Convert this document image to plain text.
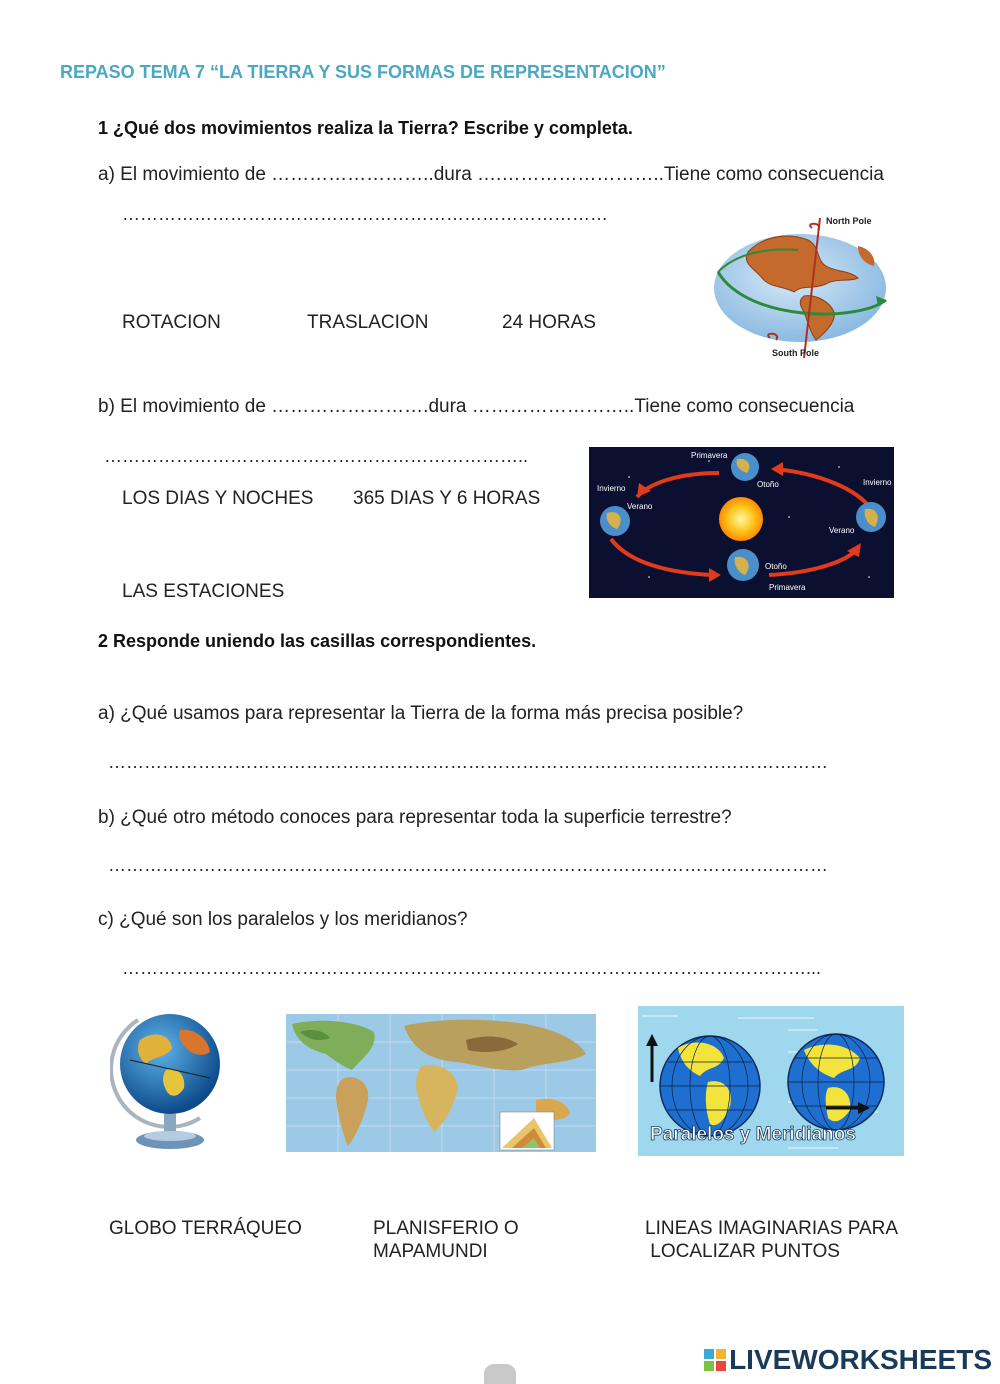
REPASO TEMA 7 “LA TIERRA Y SUS FORMAS DE REPRESENTACION”
1 ¿Qué dos movimientos realiza la Tierra? Escribe y completa.
a) El movimiento de ……………………..dura ….……………………..Tiene como consecuencia
………………………………………………………………………
ROTACION	TRASLACION	24 HORAS
North Pole
South Pole
b) El movimiento de …………………….dura ……………………..Tiene como consecuencia
……………………………………………………………..
LOS DIAS Y NOCHES 365 DIAS Y 6 HORAS
LAS ESTACIONES
Primavera
Otoño
Invierno
Verano
Invierno
Verano
Otoño
Primavera
2 Responde uniendo las casillas correspondientes.
a) ¿Qué usamos para representar la Tierra de la forma más precisa posible?
…………………………………………………………………………………………………………
b) ¿Qué otro método conoces para representar toda la superficie terrestre?
…………………………………………………………………………………………………………
c) ¿Qué son los paralelos y los meridianos?
……………………………………………………………………………………………………...
Paralelos y Meridianos
GLOBO TERRÁQUEO	PLANISFERIO O
MAPAMUNDI
LINEAS IMAGINARIAS PARA
LOCALIZAR PUNTOS
LIVEWORKSHEETS
